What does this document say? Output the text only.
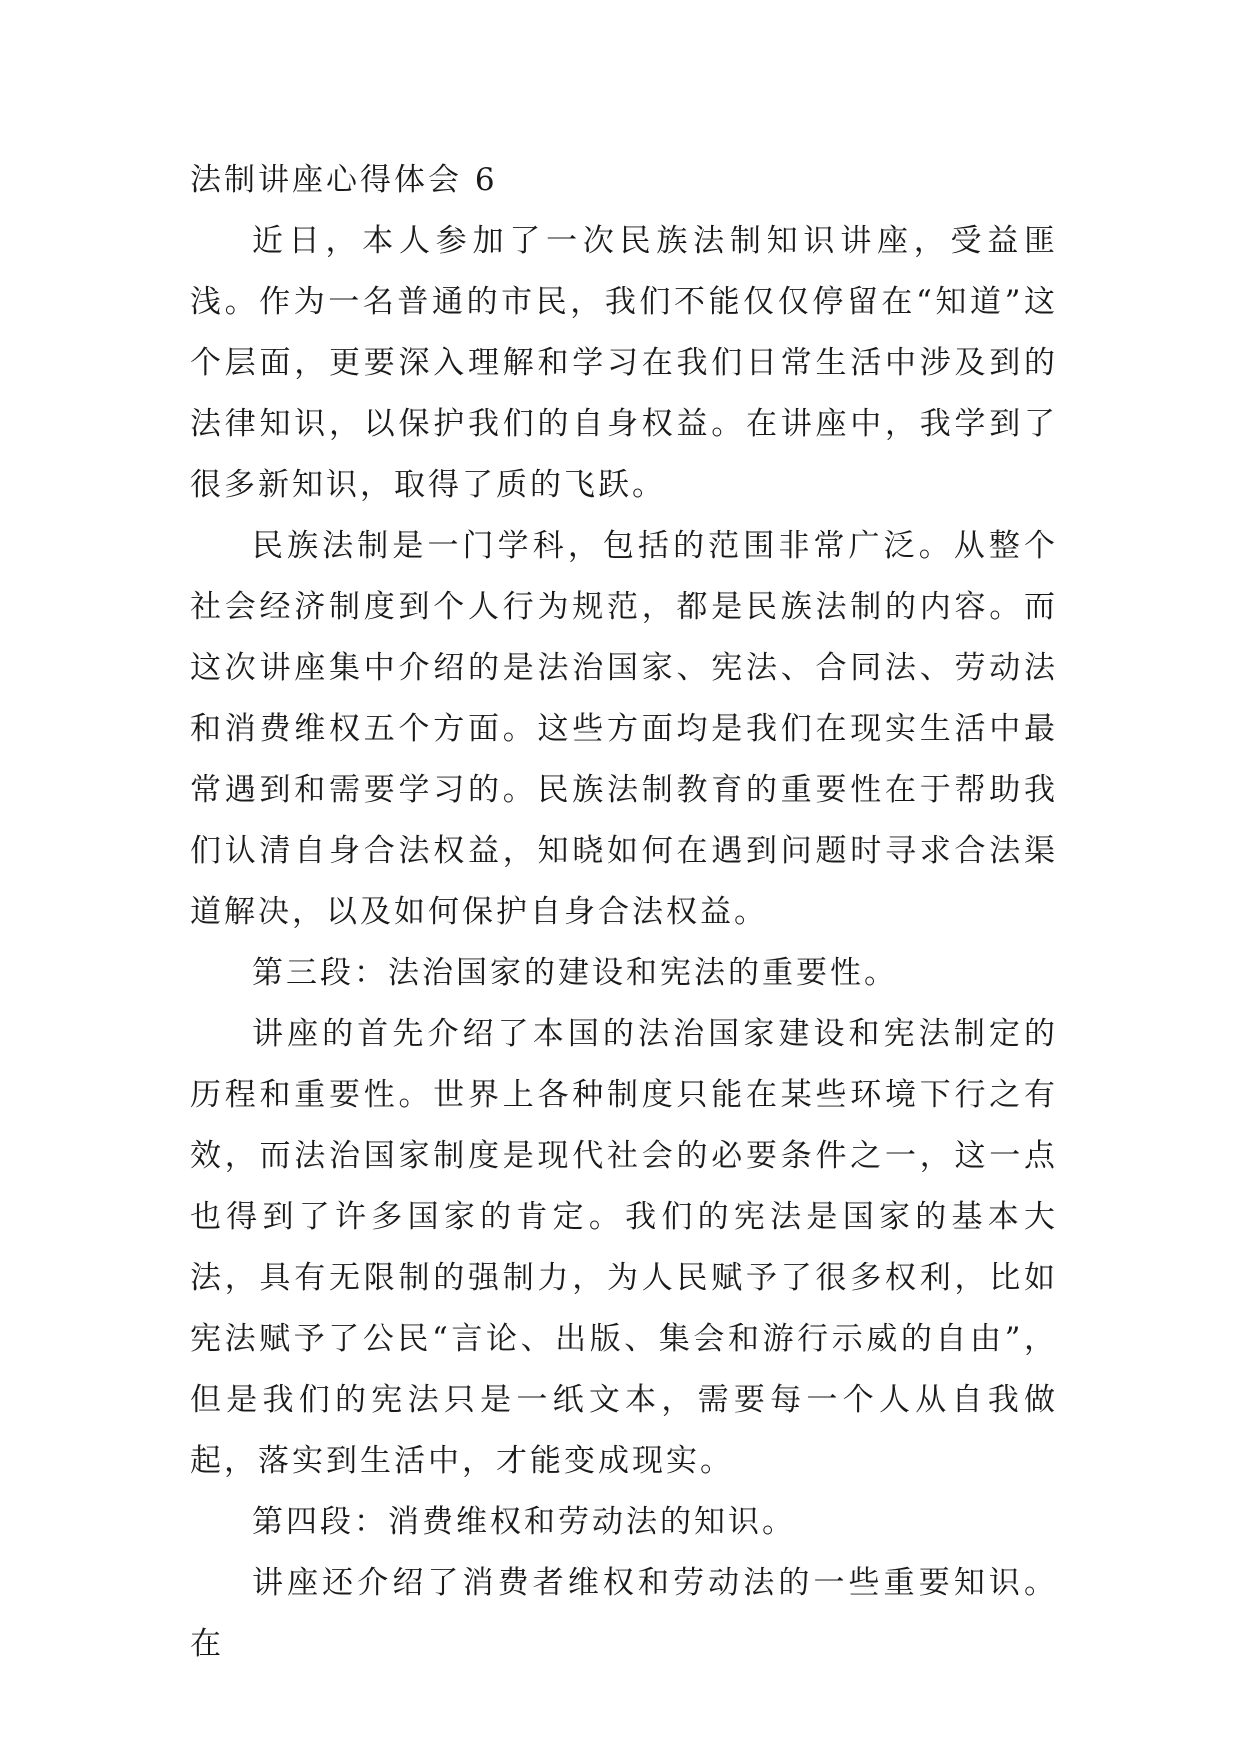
法制讲座心得体会 6

近日，本人参加了一次民族法制知识讲座，受益匪浅。作为一名普通的市民，我们不能仅仅停留在“知道”这个层面，更要深入理解和学习在我们日常生活中涉及到的法律知识，以保护我们的自身权益。在讲座中，我学到了很多新知识，取得了质的飞跃。

民族法制是一门学科，包括的范围非常广泛。从整个社会经济制度到个人行为规范，都是民族法制的内容。而这次讲座集中介绍的是法治国家、宪法、合同法、劳动法和消费维权五个方面。这些方面均是我们在现实生活中最常遇到和需要学习的。民族法制教育的重要性在于帮助我们认清自身合法权益，知晓如何在遇到问题时寻求合法渠道解决，以及如何保护自身合法权益。

第三段：法治国家的建设和宪法的重要性。

讲座的首先介绍了本国的法治国家建设和宪法制定的历程和重要性。世界上各种制度只能在某些环境下行之有效，而法治国家制度是现代社会的必要条件之一，这一点也得到了许多国家的肯定。我们的宪法是国家的基本大法，具有无限制的强制力，为人民赋予了很多权利，比如宪法赋予了公民“言论、出版、集会和游行示威的自由”，但是我们的宪法只是一纸文本，需要每一个人从自我做起，落实到生活中，才能变成现实。

第四段：消费维权和劳动法的知识。

讲座还介绍了消费者维权和劳动法的一些重要知识。在
